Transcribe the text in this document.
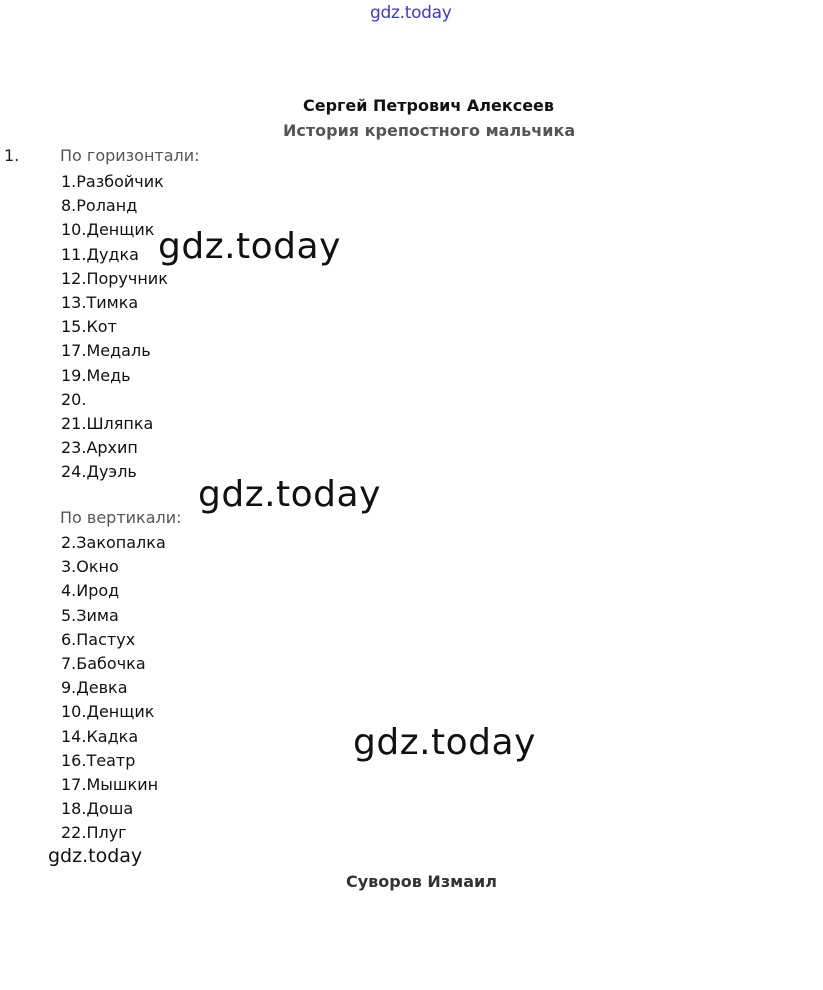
gdz.today
Сергей Петрович Алексеев
История крепостного мальчика
1.	По горизонтали:
1.Разбойчик
8.Роланд
10.Денщик
11.Дудка
12.Поручник
13.Тимка
15.Кот
17.Медаль
19.Медь
20.
21.Шляпка
23.Архип
24.Дуэль
По вертикали:
2.Закопалка
3.Окно
4.Ирод
5.Зима
6.Пастух
7.Бабочка
9.Девка
10.Денщик
14.Кадка
16.Театр
17.Мышкин
18.Доша
22.Плуг
gdz.today
gdz.today
gdz.today
gdz.today
Суворов Измаил
